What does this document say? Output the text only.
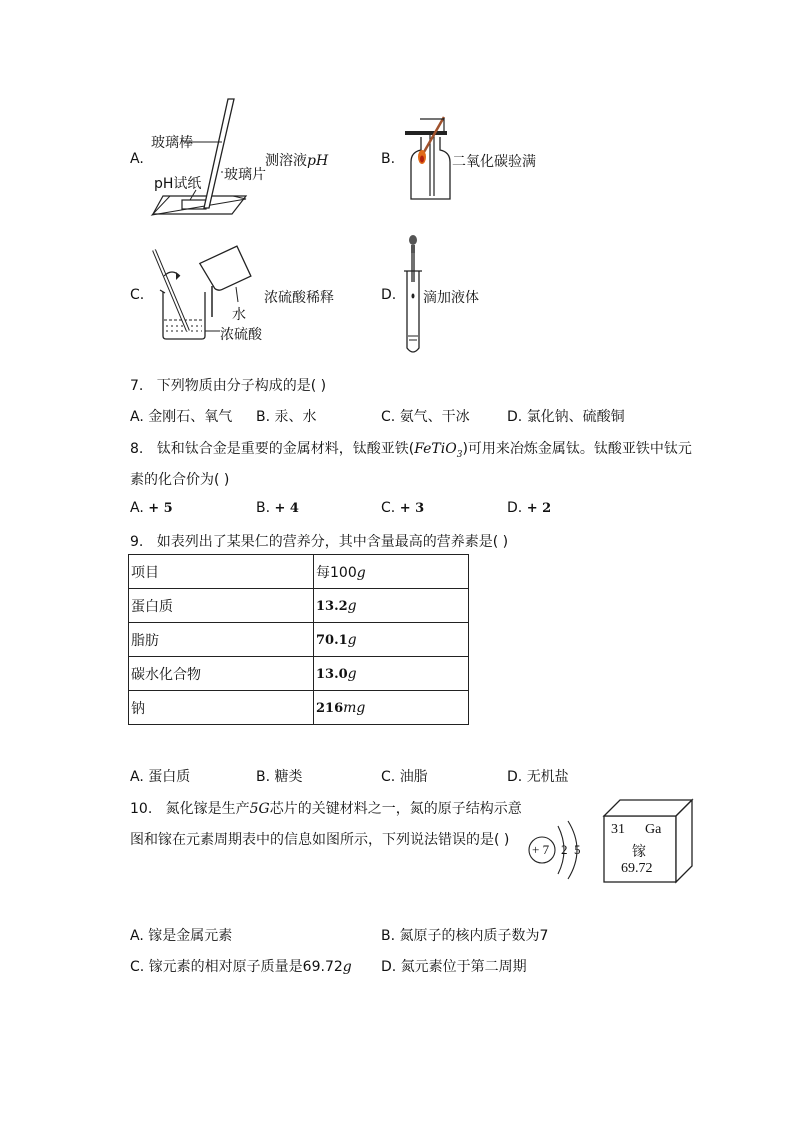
A.
玻璃棒
pH试纸
玻璃片
测溶液pH	B.	二氧化碳验满
C.
水
浓硫酸
浓硫酸稀释	D. 滴加液体
7. 下列物质由分子构成的是( )
A. 金刚石、氧气 B. 汞、水	C. 氨气、干冰	D. 氯化钠、硫酸铜
8. 钛和钛合金是重要的金属材料，钛酸亚铁(FeTiO$_3$)可用来冶炼金属钛。钛酸亚铁中钛元
素的化合价为( )
A. + 5	B. + 4	C. + 3	D. + 2
9. 如表列出了某果仁的营养分，其中含量最高的营养素是( )
项目	每100g
蛋白质	13.2g
脂肪	70.1g
碳水化合物	13.0g
钠	216mg
A. 蛋白质	B. 糖类	C. 油脂	D. 无机盐
10. 氮化镓是生产5G芯片的关键材料之一，氮的原子结构示意
图和镓在元素周期表中的信息如图所示，下列说法错误的是( )
+ 7 2 5
31 Ga
镓
69.72
A. 镓是金属元素	B. 氮原子的核内质子数为7
C. 镓元素的相对原子质量是69.72g D. 氮元素位于第二周期
